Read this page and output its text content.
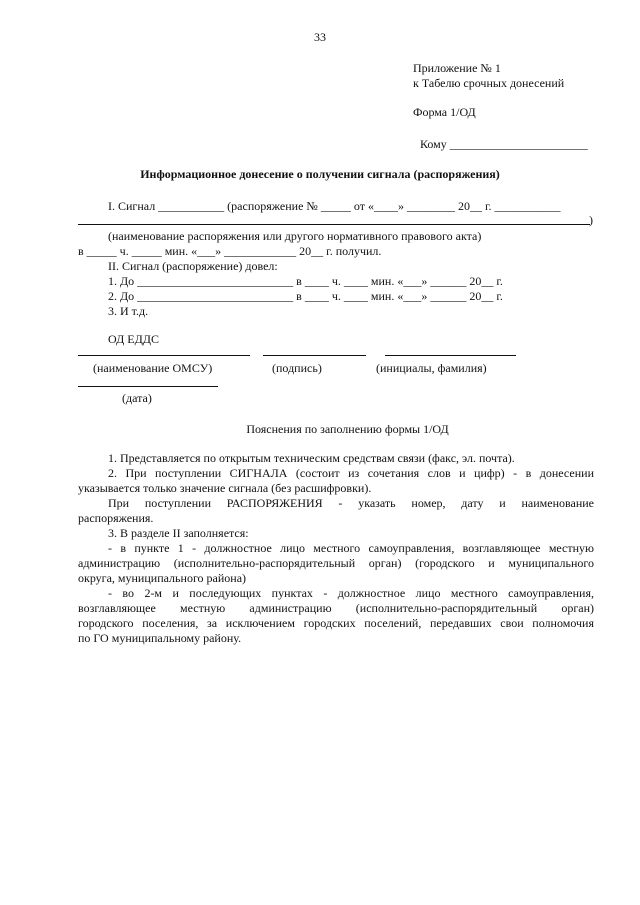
33
Приложение № 1
к Табелю срочных донесений
Форма 1/ОД
Кому _______________________
Информационное донесение о получении сигнала (распоряжения)
I. Сигнал ___________ (распоряжение № _____ от «____» ________ 20__ г. ___________
)
(наименование распоряжения или другого нормативного правового акта)
в _____ ч. _____ мин. «___» ____________ 20__ г. получил.
II. Сигнал (распоряжение) довел:
1. До __________________________ в ____ ч. ____ мин. «___» ______ 20__ г.
2. До __________________________ в ____ ч. ____ мин. «___» ______ 20__ г.
3. И т.д.
ОД ЕДДС
(наименование ОМСУ)	(подпись)	(инициалы, фамилия)
(дата)
Пояснения по заполнению формы 1/ОД
1. Представляется по открытым техническим средствам связи (факс, эл. почта).
2. При поступлении СИГНАЛА (состоит из сочетания слов и цифр) - в донесении
указывается только значение сигнала (без расшифровки).
При поступлении РАСПОРЯЖЕНИЯ - указать номер, дату и наименование
распоряжения.
3. В разделе II заполняется:
- в пункте 1 - должностное лицо местного самоуправления, возглавляющее местную
администрацию (исполнительно-распорядительный орган) (городского и муниципального
округа, муниципального района)
- во 2-м и последующих пунктах - должностное лицо местного самоуправления,
возглавляющее местную администрацию (исполнительно-распорядительный орган)
городского поселения, за исключением городских поселений, передавших свои полномочия
по ГО муниципальному району.
